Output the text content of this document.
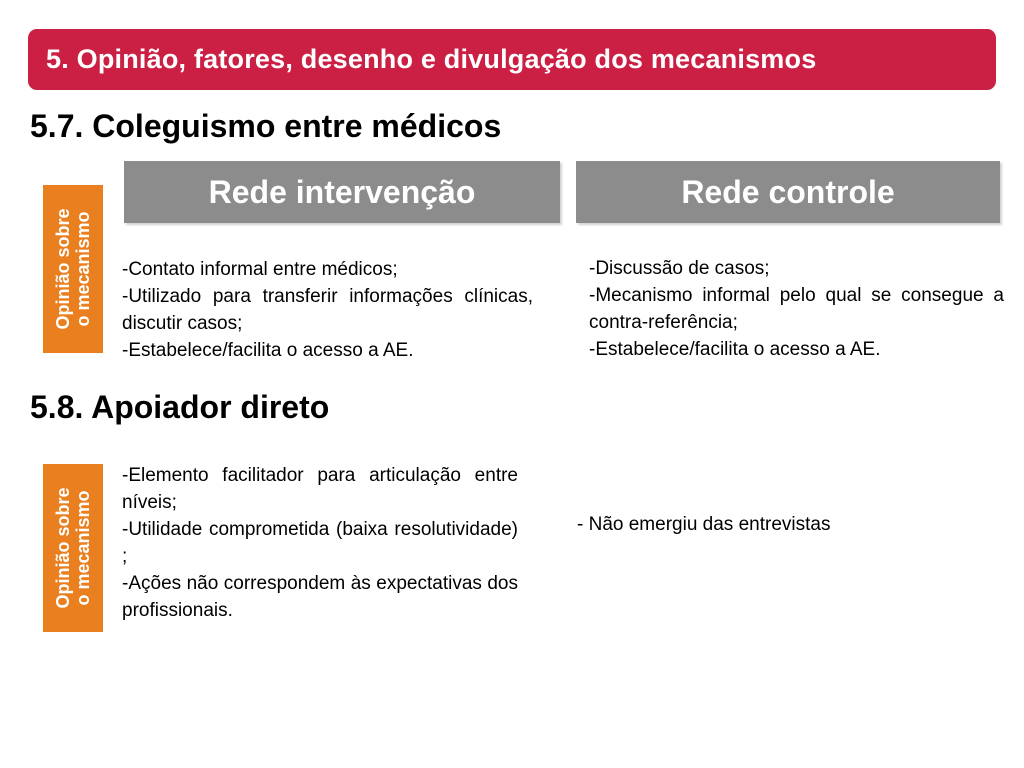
5. Opinião, fatores, desenho e divulgação dos mecanismos
5.7. Coleguismo entre médicos
Rede intervenção	Rede controle
Opinião sobre o mecanismo -Contato informal entre médicos;
-Utilizado para transferir informações clínicas, discutir casos;
-Estabelece/facilita o acesso a AE.
-Discussão de casos;
-Mecanismo informal pelo qual se consegue a contra-referência;
-Estabelece/facilita o acesso a AE.
5.8. Apoiador direto
Opinião sobre o mecanismo
-Elemento facilitador para articulação entre níveis;
-Utilidade comprometida (baixa resolutividade) ;
-Ações não correspondem às expectativas dos profissionais.
- Não emergiu das entrevistas
